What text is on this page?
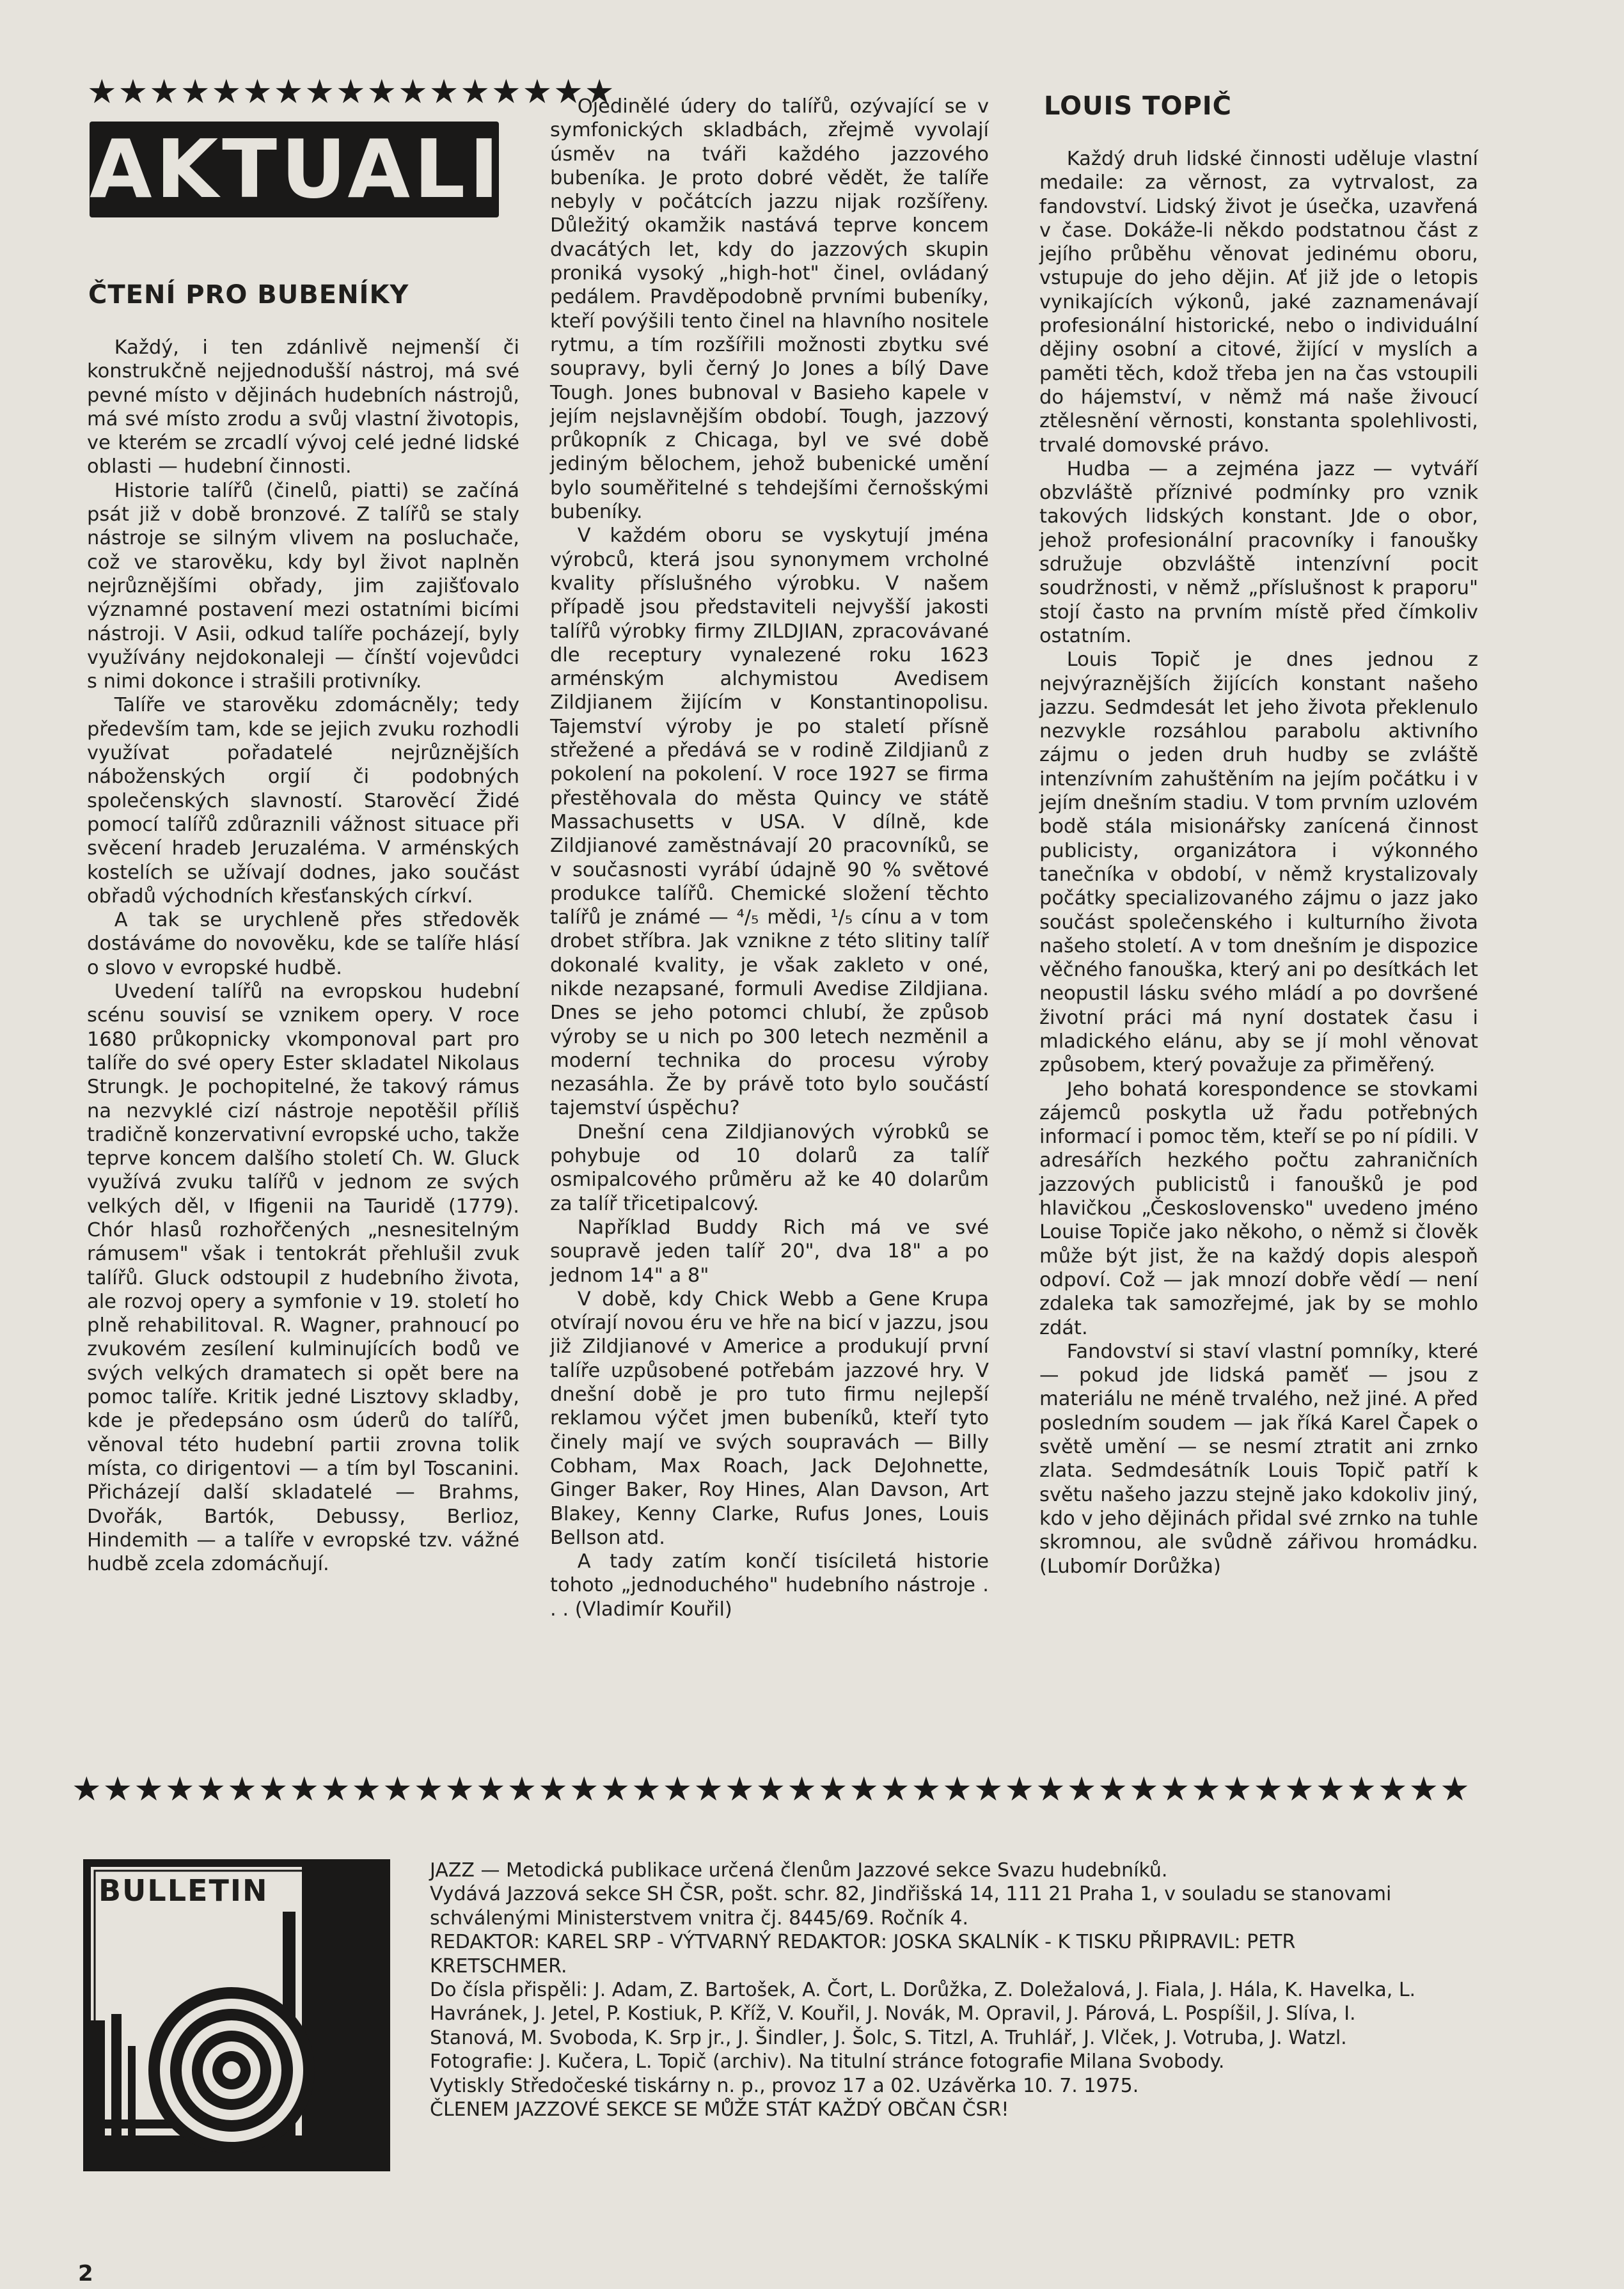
★★★★★★★★★★★★★★★★★
AKTUALITY
ČTENÍ PRO BUBENÍKY

Každý, i ten zdánlivě nejmenší či konstrukčně nejjednodušší nástroj, má své pevné místo v dějinách hudebních nástrojů, má své místo zrodu a svůj vlastní životopis, ve kterém se zrcadlí vývoj celé jedné lidské oblasti — hudební činnosti.

Historie talířů (činelů, piatti) se začíná psát již v době bronzové. Z talířů se staly nástroje se silným vlivem na posluchače, což ve starověku, kdy byl život naplněn nejrůznějšími obřady, jim zajišťovalo významné postavení mezi ostatními bicími nástroji. V Asii, odkud talíře pocházejí, byly využívány nejdokonaleji — čínští vojevůdci s nimi dokonce i strašili protivníky.

Talíře ve starověku zdomácněly; tedy především tam, kde se jejich zvuku rozhodli využívat pořadatelé nejrůznějších náboženských orgií či podobných společenských slavností. Starověcí Židé pomocí talířů zdůraznili vážnost situace při svěcení hradeb Jeruzaléma. V arménských kostelích se užívají dodnes, jako součást obřadů východních křesťanských církví.

A tak se urychleně přes středověk dostáváme do novověku, kde se talíře hlásí o slovo v evropské hudbě.

Uvedení talířů na evropskou hudební scénu souvisí se vznikem opery. V roce 1680 průkopnicky vkomponoval part pro talíře do své opery Ester skladatel Nikolaus Strungk. Je pochopitelné, že takový rámus na nezvyklé cizí nástroje nepotěšil příliš tradičně konzervativní evropské ucho, takže teprve koncem dalšího století Ch. W. Gluck využívá zvuku talířů v jednom ze svých velkých děl, v Ifigenii na Tauridě (1779). Chór hlasů rozhořčených „nesnesitelným rámusem" však i tentokrát přehlušil zvuk talířů. Gluck odstoupil z hudebního života, ale rozvoj opery a symfonie v 19. století ho plně rehabilitoval. R. Wagner, prahnoucí po zvukovém zesílení kulminujících bodů ve svých velkých dramatech si opět bere na pomoc talíře. Kritik jedné Lisztovy skladby, kde je předepsáno osm úderů do talířů, věnoval této hudební partii zrovna tolik místa, co dirigentovi — a tím byl Toscanini. Přicházejí další skladatelé — Brahms, Dvořák, Bartók, Debussy, Berlioz, Hindemith — a talíře v evropské tzv. vážné hudbě zcela zdomácňují.

Ojedinělé údery do talířů, ozývající se v symfonických skladbách, zřejmě vyvolají úsměv na tváři každého jazzového bubeníka. Je proto dobré vědět, že talíře nebyly v počátcích jazzu nijak rozšířeny. Důležitý okamžik nastává teprve koncem dvacátých let, kdy do jazzových skupin proniká vysoký „high-hot" činel, ovládaný pedálem. Pravděpodobně prvními bubeníky, kteří povýšili tento činel na hlavního nositele rytmu, a tím rozšířili možnosti zbytku své soupravy, byli černý Jo Jones a bílý Dave Tough. Jones bubnoval v Basieho kapele v jejím nejslavnějším období. Tough, jazzový průkopník z Chicaga, byl ve své době jediným bělochem, jehož bubenické umění bylo souměřitelné s tehdejšími černošskými bubeníky.

V každém oboru se vyskytují jména výrobců, která jsou synonymem vrcholné kvality příslušného výrobku. V našem případě jsou představiteli nejvyšší jakosti talířů výrobky firmy ZILDJIAN, zpracovávané dle receptury vynalezené roku 1623 arménským alchymistou Avedisem Zildjianem žijícím v Konstantinopolisu. Tajemství výroby je po staletí přísně střežené a předává se v rodině Zildjianů z pokolení na pokolení. V roce 1927 se firma přestěhovala do města Quincy ve státě Massachusetts v USA. V dílně, kde Zildjianové zaměstnávají 20 pracovníků, se v současnosti vyrábí údajně 90 % světové produkce talířů. Chemické složení těchto talířů je známé — ⁴/₅ mědi, ¹/₅ cínu a v tom drobet stříbra. Jak vznikne z této slitiny talíř dokonalé kvality, je však zakleto v oné, nikde nezapsané, formuli Avedise Zildjiana. Dnes se jeho potomci chlubí, že způsob výroby se u nich po 300 letech nezměnil a moderní technika do procesu výroby nezasáhla. Že by právě toto bylo součástí tajemství úspěchu?

Dnešní cena Zildjianových výrobků se pohybuje od 10 dolarů za talíř osmipalcového průměru až ke 40 dolarům za talíř třicetipalcový.

Například Buddy Rich má ve své soupravě jeden talíř 20", dva 18" a po jednom 14" a 8"

V době, kdy Chick Webb a Gene Krupa otvírají novou éru ve hře na bicí v jazzu, jsou již Zildjianové v Americe a produkují první talíře uzpůsobené potřebám jazzové hry. V dnešní době je pro tuto firmu nejlepší reklamou výčet jmen bubeníků, kteří tyto činely mají ve svých soupravách — Billy Cobham, Max Roach, Jack DeJohnette, Ginger Baker, Roy Hines, Alan Davson, Art Blakey, Kenny Clarke, Rufus Jones, Louis Bellson atd.

A tady zatím končí tisíciletá historie tohoto „jednoduchého" hudebního nástroje . . . (Vladimír Kouřil)

LOUIS TOPIČ

Každý druh lidské činnosti uděluje vlastní medaile: za věrnost, za vytrvalost, za fandovství. Lidský život je úsečka, uzavřená v čase. Dokáže-li někdo podstatnou část z jejího průběhu věnovat jedinému oboru, vstupuje do jeho dějin. Ať již jde o letopis vynikajících výkonů, jaké zaznamenávají profesionální historické, nebo o individuální dějiny osobní a citové, žijící v myslích a paměti těch, kdož třeba jen na čas vstoupili do hájemství, v němž má naše živoucí ztělesnění věrnosti, konstanta spolehlivosti, trvalé domovské právo.

Hudba — a zejména jazz — vytváří obzvláště příznivé podmínky pro vznik takových lidských konstant. Jde o obor, jehož profesionální pracovníky i fanoušky sdružuje obzvláště intenzívní pocit soudržnosti, v němž „příslušnost k praporu" stojí často na prvním místě před čímkoliv ostatním.

Louis Topič je dnes jednou z nejvýraznějších žijících konstant našeho jazzu. Sedmdesát let jeho života překlenulo nezvykle rozsáhlou parabolu aktivního zájmu o jeden druh hudby se zvláště intenzívním zahuštěním na jejím počátku i v jejím dnešním stadiu. V tom prvním uzlovém bodě stála misionářsky zanícená činnost publicisty, organizátora i výkonného tanečníka v období, v němž krystalizovaly počátky specializovaného zájmu o jazz jako součást společenského i kulturního života našeho století. A v tom dnešním je dispozice věčného fanouška, který ani po desítkách let neopustil lásku svého mládí a po dovršené životní práci má nyní dostatek času i mladického elánu, aby se jí mohl věnovat způsobem, který považuje za přiměřený.

Jeho bohatá korespondence se stovkami zájemců poskytla už řadu potřebných informací i pomoc těm, kteří se po ní pídili. V adresářích hezkého počtu zahraničních jazzových publicistů i fanoušků je pod hlavičkou „Československo" uvedeno jméno Louise Topiče jako někoho, o němž si člověk může být jist, že na každý dopis alespoň odpoví. Což — jak mnozí dobře vědí — není zdaleka tak samozřejmé, jak by se mohlo zdát.

Fandovství si staví vlastní pomníky, které — pokud jde lidská paměť — jsou z materiálu ne méně trvalého, než jiné. A před posledním soudem — jak říká Karel Čapek o světě umění — se nesmí ztratit ani zrnko zlata. Sedmdesátník Louis Topič patří k světu našeho jazzu stejně jako kdokoliv jiný, kdo v jeho dějinách přidal své zrnko na tuhle skromnou, ale svůdně zářivou hromádku. (Lubomír Dorůžka)

★★★★★★★★★★★★★★★★★★★★★★★★★★★★★★★★★★★★★★★★★★★★★
BULLETIN

JAZZ — Metodická publikace určená členům Jazzové sekce Svazu hudebníků.

Vydává Jazzová sekce SH ČSR, pošt. schr. 82, Jindřišská 14, 111 21 Praha 1, v souladu se stanovami schválenými Ministerstvem vnitra čj. 8445/69. Ročník 4.

REDAKTOR: KAREL SRP - VÝTVARNÝ REDAKTOR: JOSKA SKALNÍK - K TISKU PŘIPRAVIL: PETR KRETSCHMER.

Do čísla přispěli: J. Adam, Z. Bartošek, A. Čort, L. Dorůžka, Z. Doležalová, J. Fiala, J. Hála, K. Havelka, L. Havránek, J. Jetel, P. Kostiuk, P. Kříž, V. Kouřil, J. Novák, M. Opravil, J. Párová, L. Pospíšil, J. Slíva, I. Stanová, M. Svoboda, K. Srp jr., J. Šindler, J. Šolc, S. Titzl, A. Truhlář, J. Vlček, J. Votruba, J. Watzl.

Fotografie: J. Kučera, L. Topič (archiv). Na titulní stránce fotografie Milana Svobody.

Vytiskly Středočeské tiskárny n. p., provoz 17 a 02. Uzávěrka 10. 7. 1975.

ČLENEM JAZZOVÉ SEKCE SE MŮŽE STÁT KAŽDÝ OBČAN ČSR!

2
